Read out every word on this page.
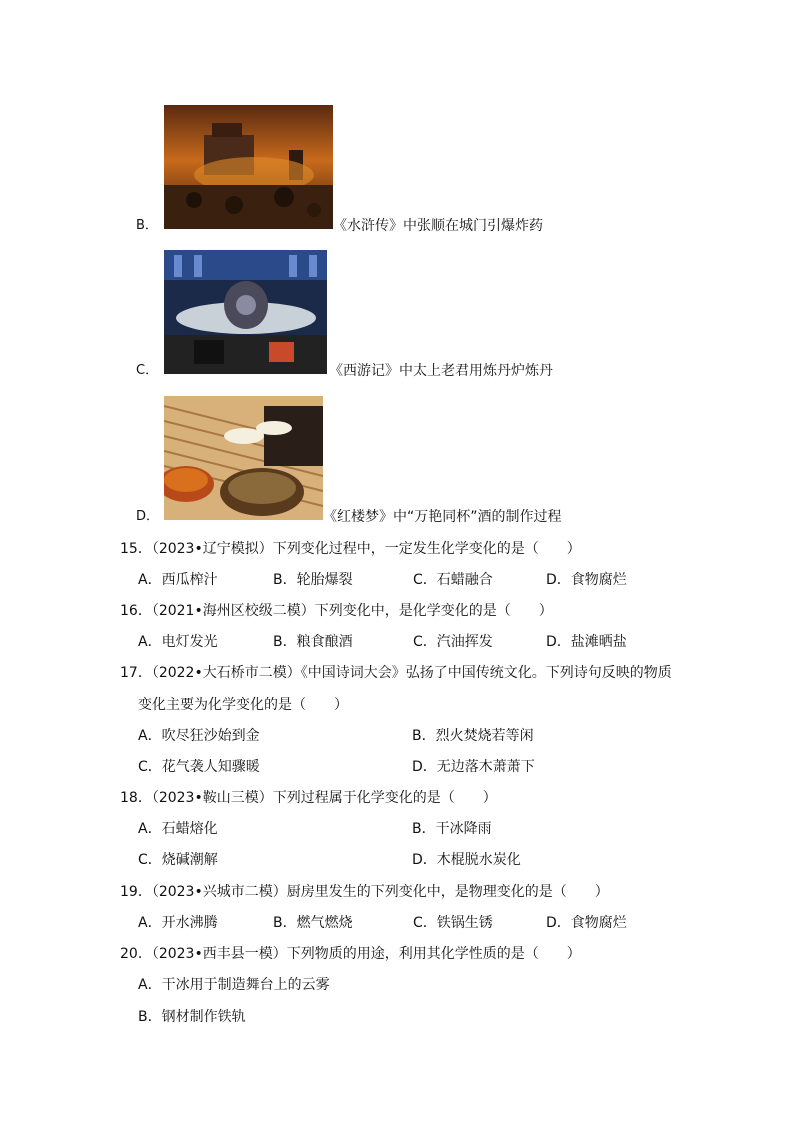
B．	《水浒传》中张顺在城门引爆炸药
C．	《西游记》中太上老君用炼丹炉炼丹
D．	《红楼梦》中“万艳同杯”酒的制作过程
15．（2023•辽宁模拟）下列变化过程中，一定发生化学变化的是（　　）
A．西瓜榨汁	B．轮胎爆裂	C．石蜡融合	D．食物腐烂
16．（2021•海州区校级二模）下列变化中，是化学变化的是（　　）
A．电灯发光	B．粮食酿酒	C．汽油挥发	D．盐滩晒盐
17．（2022•大石桥市二模）《中国诗词大会》弘扬了中国传统文化。下列诗句反映的物质
变化主要为化学变化的是（　　）
A．吹尽狂沙始到金	B．烈火焚烧若等闲
C．花气袭人知骤暖	D．无边落木萧萧下
18．（2023•鞍山三模）下列过程属于化学变化的是（　　）
A．石蜡熔化	B．干冰降雨
C．烧碱潮解	D．木棍脱水炭化
19．（2023•兴城市二模）厨房里发生的下列变化中，是物理变化的是（　　）
A．开水沸腾	B．燃气燃烧	C．铁锅生锈	D．食物腐烂
20．（2023•西丰县一模）下列物质的用途，利用其化学性质的是（　　）
A．干冰用于制造舞台上的云雾
B．钢材制作铁轨
